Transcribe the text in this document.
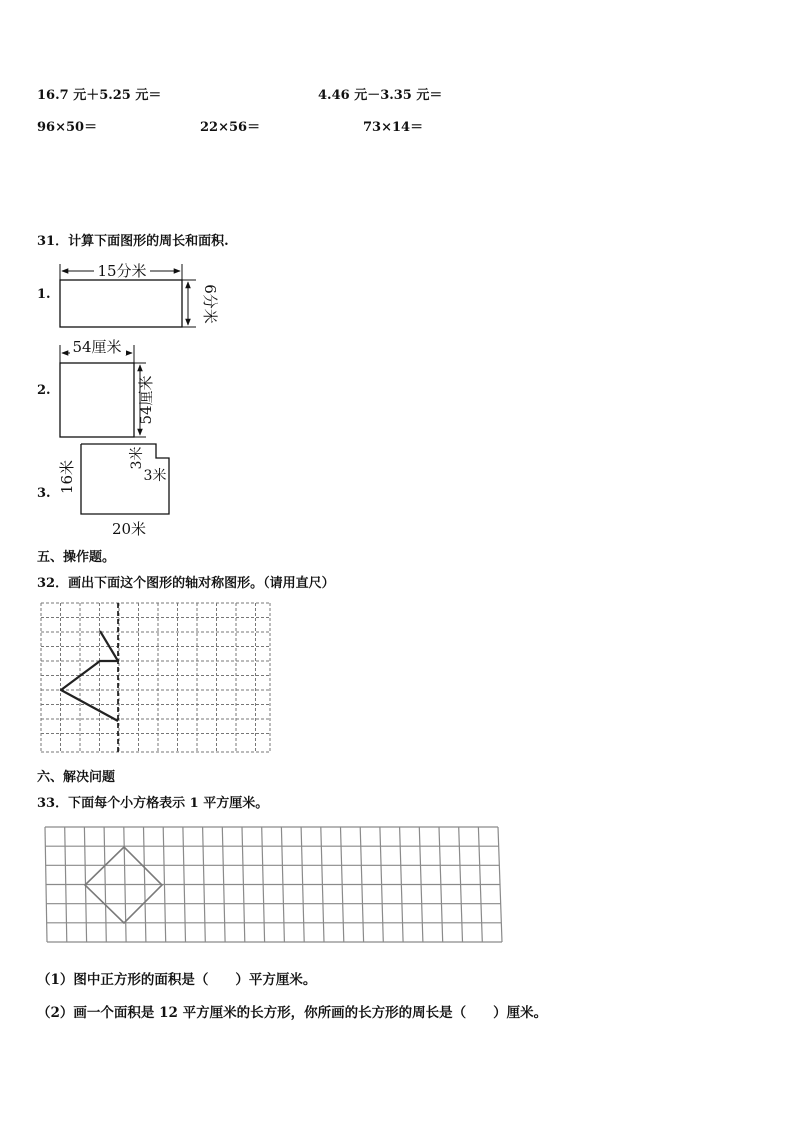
16.7 元＋5.25 元＝	4.46 元－3.35 元＝
96×50＝	22×56＝	73×14＝
31．计算下面图形的周长和面积.
1.
15分米
6分米
2.
54厘米
54厘米
3. 16米
3米
3米
20米
五、操作题。
32．画出下面这个图形的轴对称图形。（请用直尺）
六、解决问题
33．下面每个小方格表示 1 平方厘米。
（1）图中正方形的面积是（　　）平方厘米。
（2）画一个面积是 12 平方厘米的长方形，你所画的长方形的周长是（　　）厘米。
